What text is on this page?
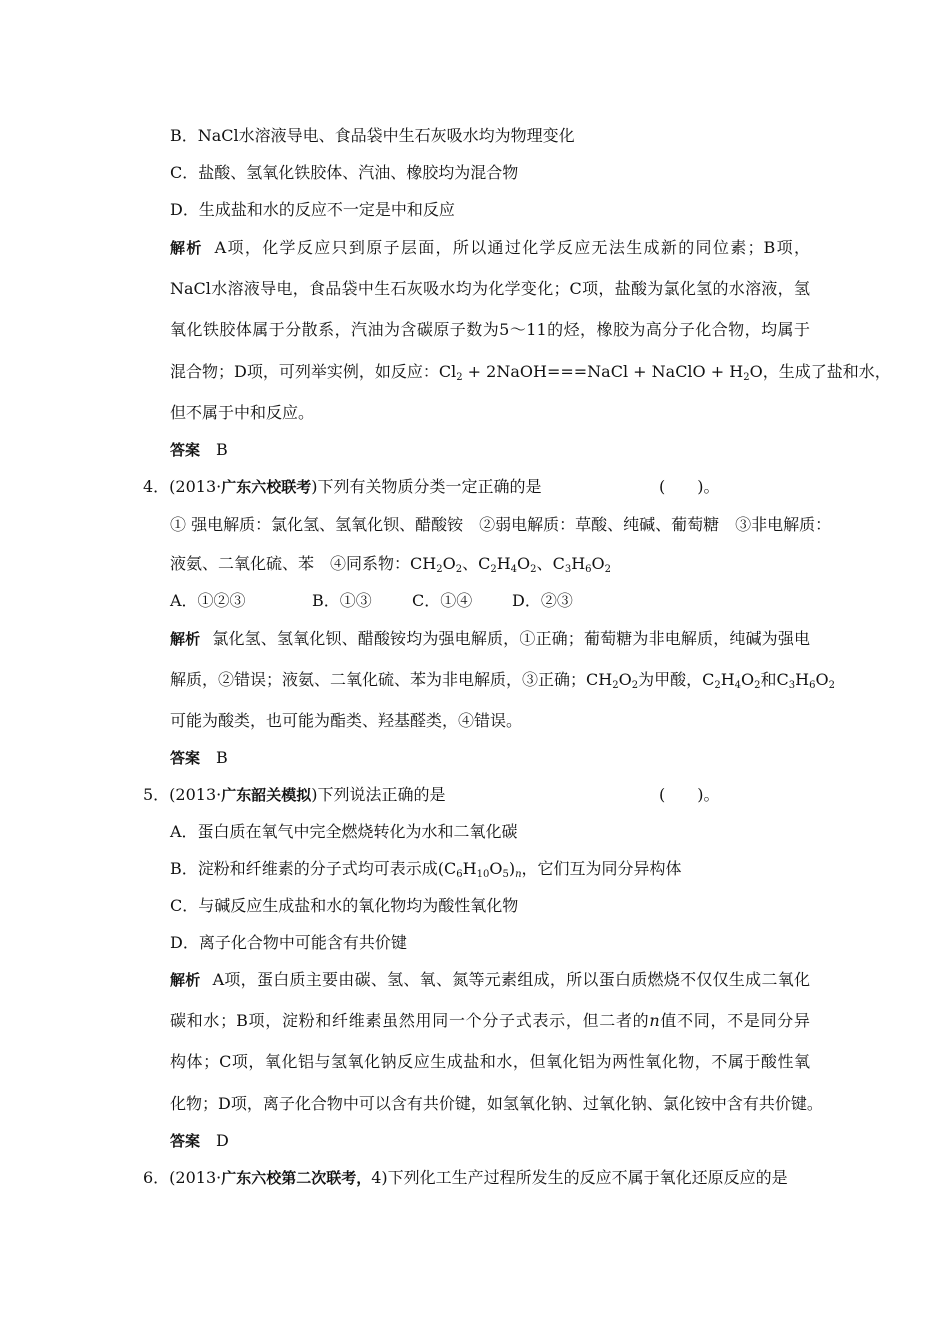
B．NaCl水溶液导电、食品袋中生石灰吸水均为物理变化
C．盐酸、氢氧化铁胶体、汽油、橡胶均为混合物
D．生成盐和水的反应不一定是中和反应
解析 A项，化学反应只到原子层面，所以通过化学反应无法生成新的同位素；B项，
NaCl水溶液导电，食品袋中生石灰吸水均为化学变化；C项，盐酸为氯化氢的水溶液，氢
氧化铁胶体属于分散系，汽油为含碳原子数为5～11的烃，橡胶为高分子化合物，均属于
混合物；D项，可列举实例，如反应：$Cl_2$ + 2NaOH===NaCl + NaClO + $H_2O$，生成了盐和水，
但不属于中和反应。
答案 B
4．(2013·广东六校联考)下列有关物质分类一定正确的是	(　　)。
① 强电解质：氯化氢、氢氧化钡、醋酸铵　②弱电解质：草酸、纯碱、葡萄糖　③非电解质：
液氨、二氧化硫、苯　④同系物：$CH_2O_2$、$C_2H_4O_2$、$C_3H_6O_2$
A．①②③	B．①③	C．①④ D．②③
解析 氯化氢、氢氧化钡、醋酸铵均为强电解质，①正确；葡萄糖为非电解质，纯碱为强电
解质，②错误；液氨、二氧化硫、苯为非电解质，③正确；$CH_2O_2$为甲酸，$C_2H_4O_2$和$C_3H_6O_2$
可能为酸类，也可能为酯类、羟基醛类，④错误。
答案 B
5．(2013·广东韶关模拟)下列说法正确的是	(　　)。
A．蛋白质在氧气中完全燃烧转化为水和二氧化碳
B．淀粉和纤维素的分子式均可表示成$(C_6H_{10}O_5)_n$，它们互为同分异构体
C．与碱反应生成盐和水的氧化物均为酸性氧化物
D．离子化合物中可能含有共价键
解析 A项，蛋白质主要由碳、氢、氧、氮等元素组成，所以蛋白质燃烧不仅仅生成二氧化
碳和水；B项，淀粉和纤维素虽然用同一个分子式表示，但二者的n值不同，不是同分异
构体；C项，氧化铝与氢氧化钠反应生成盐和水，但氧化铝为两性氧化物，不属于酸性氧
化物；D项，离子化合物中可以含有共价键，如氢氧化钠、过氧化钠、氯化铵中含有共价键。
答案 D
6．(2013·广东六校第二次联考，4)下列化工生产过程所发生的反应不属于氧化还原反应的是
